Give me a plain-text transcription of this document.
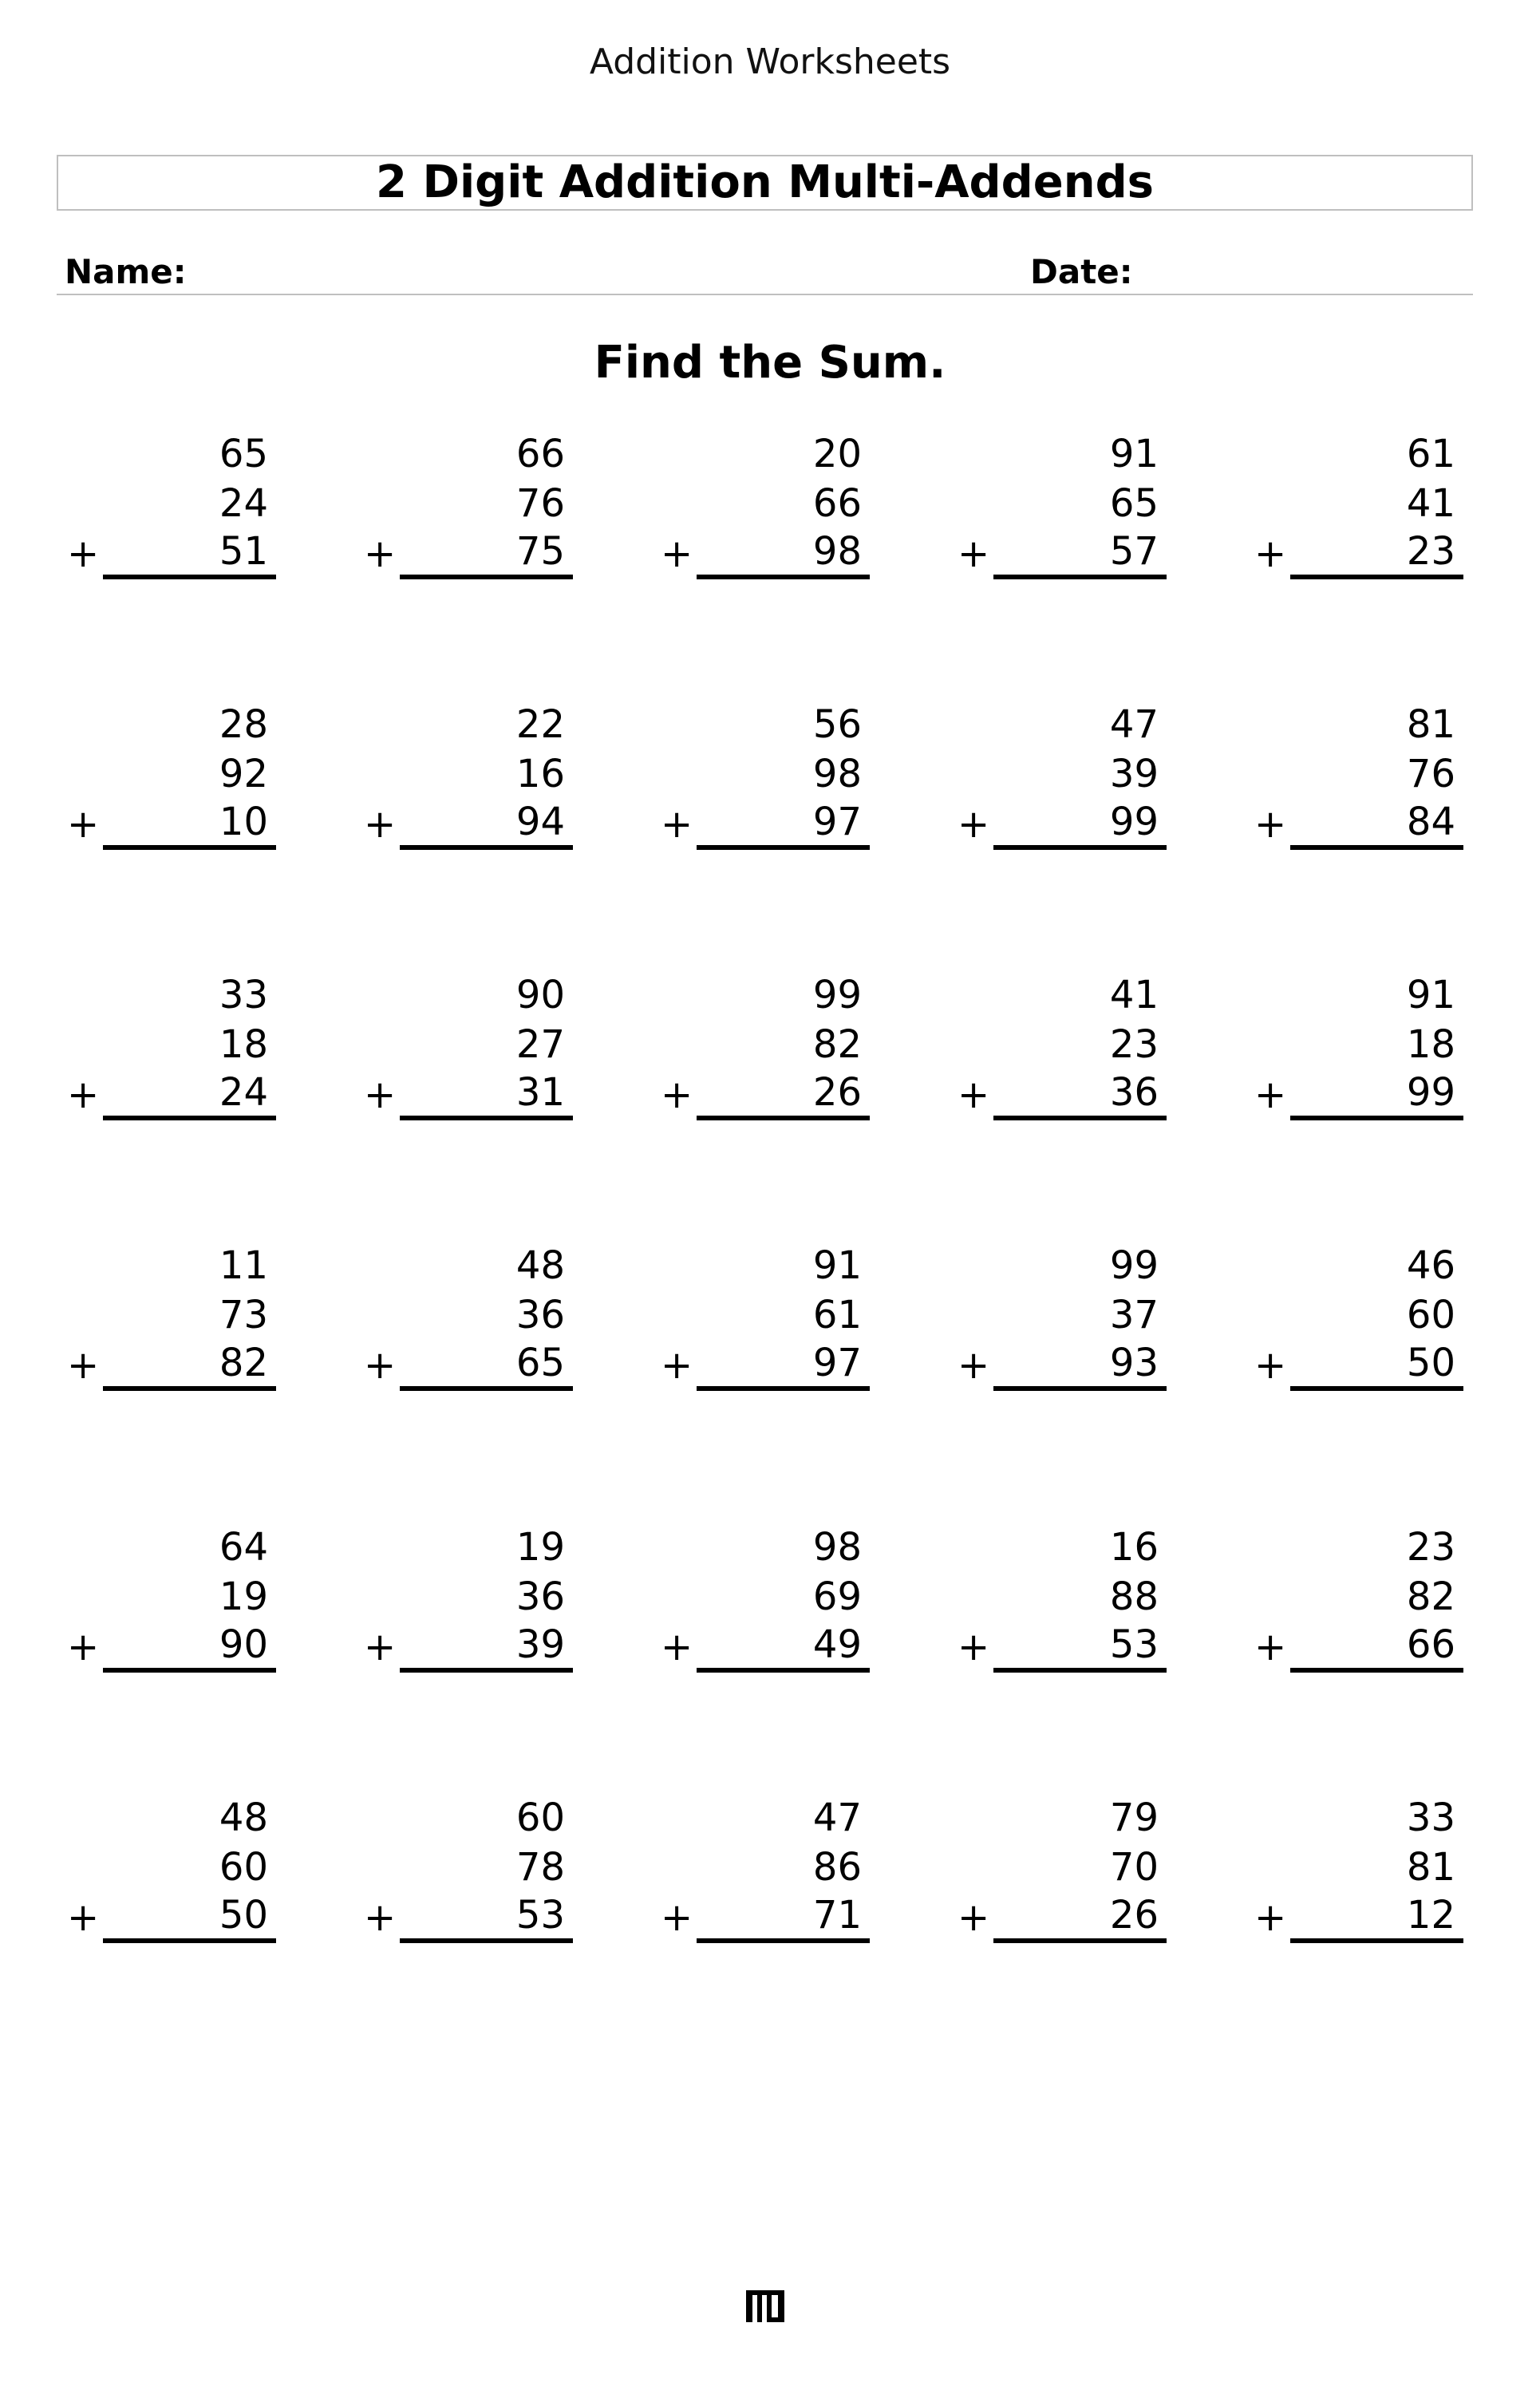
Addition Worksheets
2 Digit Addition Multi-Addends
Name:	Date:
Find the Sum.
65
24
51
+
66
76
75
+
20
66
98
+
91
65
57
+
61
41
23
+
28
92
10
+
22
16
94
+
56
98
97
+
47
39
99
+
81
76
84
+
33
18
24
+
90
27
31
+
99
82
26
+
41
23
36
+
91
18
99
+
11
73
82
+
48
36
65
+
91
61
97
+
99
37
93
+
46
60
50
+
64
19
90
+
19
36
39
+
98
69
49
+
16
88
53
+
23
82
66
+
48
60
50
+
60
78
53
+
47
86
71
+
79
70
26
+
33
81
12
+
